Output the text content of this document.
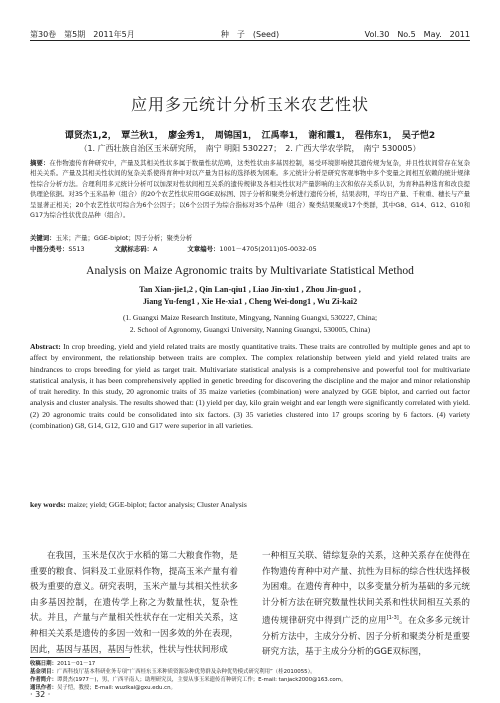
第30卷　第5期　2011年5月	种　子　(Seed)	Vol.30　No.5　May.　2011
应用多元统计分析玉米农艺性状
谭贤杰1,2，　覃兰秋1，　廖金秀1，　周锦国1，　江禹奉1，　谢和霞1，　程伟东1，　吴子恺2
（1. 广西壮族自治区玉米研究所，　南宁 明阳 530227；　2. 广西大学农学院，　南宁 530005）
摘要：在作物遗传育种研究中，产量及其相关性状多属于数量性状范畴，这类性状由多基因控制，易受环境影响使其遗传规为复杂，并且性状间常存在复杂相关关系。产量及其相关性状间的复杂关系使得育种中对以产量为目标的选择极为困难。多元统计分析是研究客观事物中多个变量之间相互依赖的统计规律性综合分析方法。合理利用多元统计分析可以加深对性状间相互关系的遗传规律及各相关性状对产量影响的主次和依存关系认识，为育种品种选育和改良提供理论依据。对35个玉米品种（组合）的20个农艺性状应用GGE双标图、因子分析和聚类分析进行遗传分析，结果表明，平均日产量、千粒重、穗长与产量呈显著正相关；20个农艺性状可综合为6个公因子；以6个公因子为综合指标对35个品种（组合）聚类结果聚成17个类群，其中G8、G14、G12、G10和G17为综合性状优良品种（组合）。
关键词：玉米；产量；GGE-biplot；因子分析；聚类分析
中图分类号：S513	文献标志码：A	文章编号：1001－4705(2011)05-0032-05
Analysis on Maize Agronomic traits by Multivariate Statistical Method
Tan Xian-jie1,2 , Qin Lan-qiu1 , Liao Jin-xiu1 , Zhou Jin-guo1 ,
Jiang Yu-feng1 , Xie He-xia1 , Cheng Wei-dong1 , Wu Zi-kai2
(1. Guangxi Maize Research Institute, Mingyang, Nanning Guangxi, 530227, China;
2. School of Agronomy, Guangxi University, Nanning Guangxi, 530005, China)
Abstract: In crop breeding, yield and yield related traits are mostly quantitative traits. These traits are controlled by multiple genes and apt to affect by environment, the relationship between traits are complex. The complex relationship between yield and yield related traits are hindrances to crops breeding for yield as target trait. Multivariate statistical analysis is a comprehensive and powerful tool for multivariate statistical analysis, it has been comprehensively applied in genetic breeding for discovering the discipline and the major and minor relationship of trait heredity. In this study, 20 agronomic traits of 35 maize varieties (combination) were analyzed by GGE biplot, and carried out factor analysis and cluster analysis. The results showed that: (1) yield per day, kilo grain weight and ear length were significantly correlated with yield. (2) 20 agronomic traits could be consolidated into six factors. (3) 35 varieties clustered into 17 groups scoring by 6 factors. (4) variety (combination) G8, G14, G12, G10 and G17 were superior in all varieties.
key words: maize; yield; GGE-biplot; factor analysis; Cluster Analysis
在我国，玉米是仅次于水稻的第二大粮食作物，是重要的粮食、饲料及工业原料作物，提高玉米产量有着极为重要的意义。研究表明，玉米产量与其相关性状多由多基因控制，在遗传学上称之为数量性状，复杂性状。并且，产量与产量相关性状存在一定相关关系，这种相关关系是遗传的多因一效和一因多效的外在表现，因此，基因与基因，基因与性状，性状与性状间形成
一种相互关联、错综复杂的关系，这种关系存在使得在作物遗传育种中对产量、抗性为目标的综合性状选择极为困难。在遗传育种中，以多变量分析为基础的多元统计分析方法在研究数量性状间关系和性状间相互关系的遗传规律研究中得到广泛的应用[1-3]。在众多多元统计分析方法中，主成分分析、因子分析和聚类分析是重要研究方法，基于主成分分析的GGE双标图，
收稿日期：2011－01－17
基金项目：广西科技厅基本科研业务专项“广西桂东玉米种质资源杂种优势群及杂种优势模式研究利用”（桂2010055）。
作者简介：谭贤杰(1977－)，男，广西平南人；助理研究员，主要从事玉米遗传育种研究工作；E-mail: tanjack2000@163.com。
通讯作者：吴子恺，教授；E-mail: wuzikai@gxu.edu.cn。
· 32 ·
